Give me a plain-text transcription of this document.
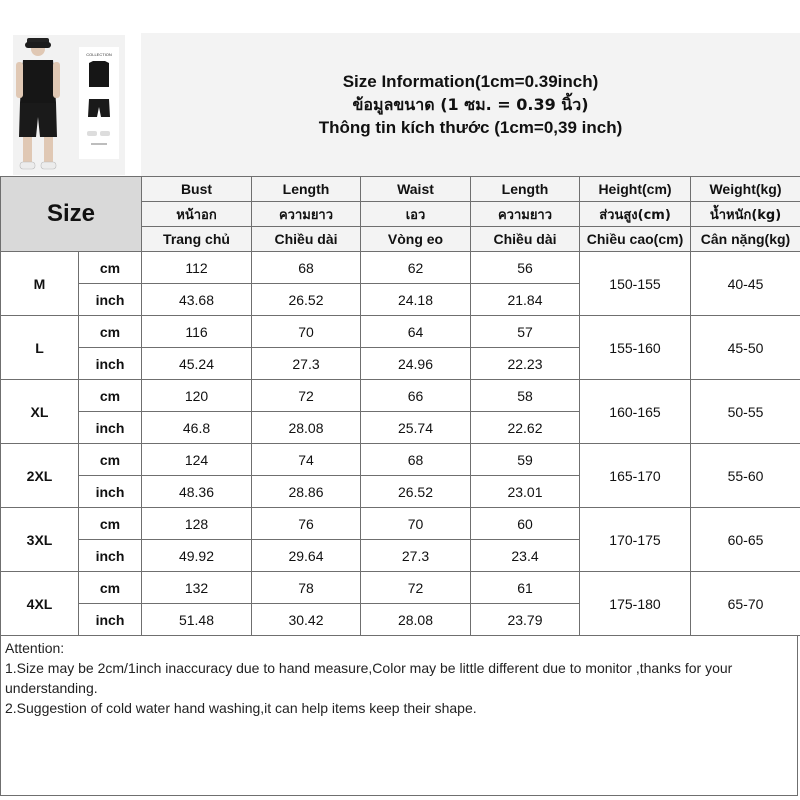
COLLECTION
Size Information(1cm=0.39inch)
ข้อมูลขนาด (1 ซม. = 0.39 นิ้ว)
Thông tin kích thước (1cm=0,39 inch)
Size		Bust	Length	Waist	Length	Height(cm)	Weight(kg)
		หน้าอก	ความยาว	เอว	ความยาว	ส่วนสูง(cm)	น้ำหนัก(kg)
		Trang chủ	Chiều dài	Vòng eo	Chiều dài	Chiều cao(cm)	Cân nặng(kg)
M	cm	112	68	62	56	150-155	40-45
	inch	43.68	26.52	24.18	21.84		
L	cm	116	70	64	57	155-160	45-50
	inch	45.24	27.3	24.96	22.23		
XL	cm	120	72	66	58	160-165	50-55
	inch	46.8	28.08	25.74	22.62		
2XL	cm	124	74	68	59	165-170	55-60
	inch	48.36	28.86	26.52	23.01		
3XL	cm	128	76	70	60	170-175	60-65
	inch	49.92	29.64	27.3	23.4		
4XL	cm	132	78	72	61	175-180	65-70
	inch	51.48	30.42	28.08	23.79		
Attention:
1.Size may be 2cm/1inch inaccuracy due to hand measure,Color may be little different due to monitor ,thanks for your understanding.
2.Suggestion of cold water hand washing,it can help items keep their shape.
